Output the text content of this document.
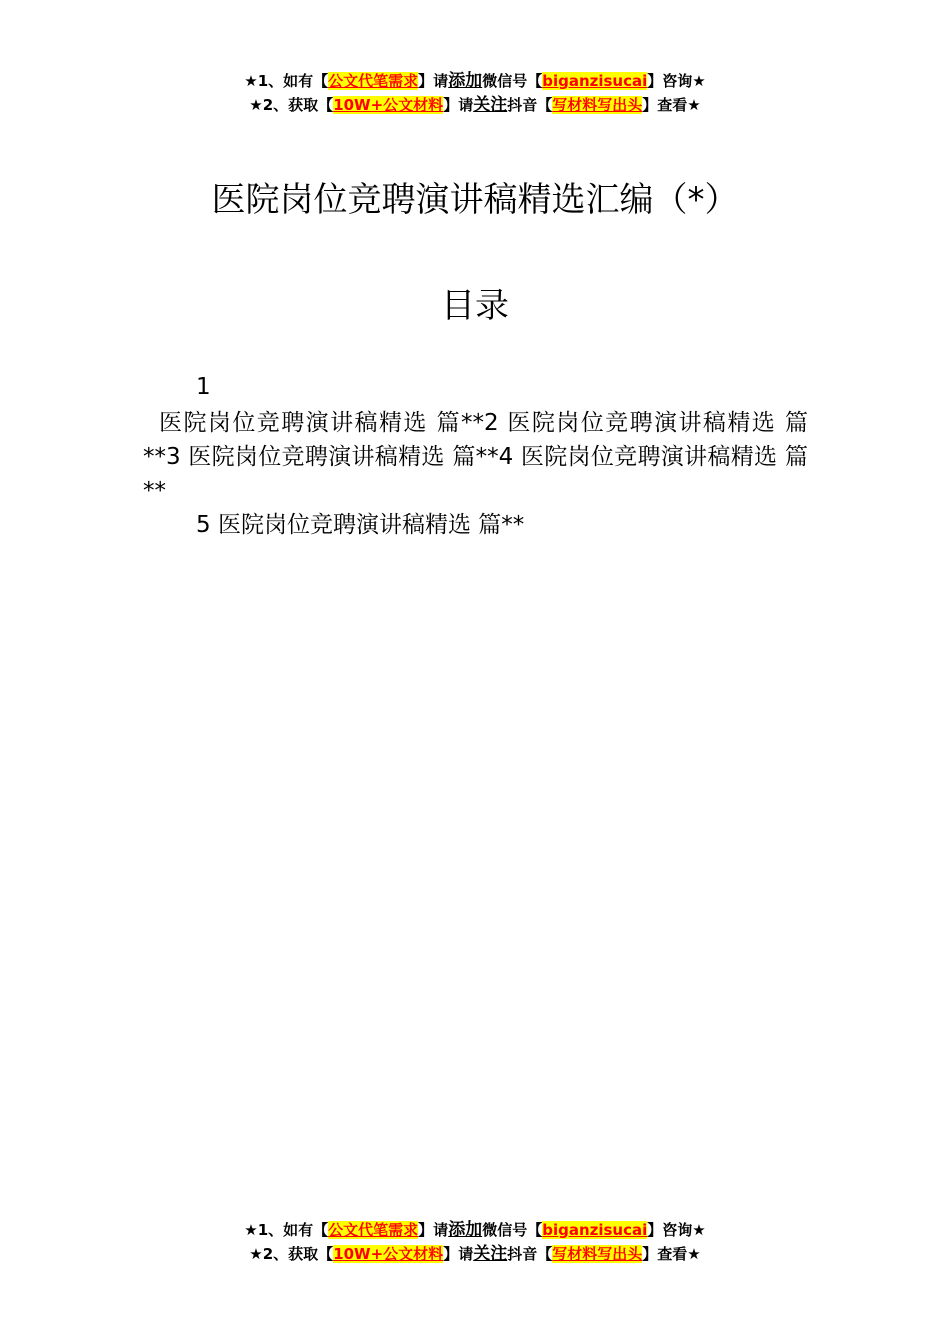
★1、如有【公文代笔需求】请添加微信号【biganzisucai】咨询★
★2、获取【10W+公文材料】请关注抖音【写材料写出头】查看★
医院岗位竞聘演讲稿精选汇编（*）
目录
1
医院岗位竞聘演讲稿精选 篇**2 医院岗位竞聘演讲稿精选 篇**3 医院岗位竞聘演讲稿精选 篇**4 医院岗位竞聘演讲稿精选 篇**
5 医院岗位竞聘演讲稿精选 篇**
★1、如有【公文代笔需求】请添加微信号【biganzisucai】咨询★
★2、获取【10W+公文材料】请关注抖音【写材料写出头】查看★
